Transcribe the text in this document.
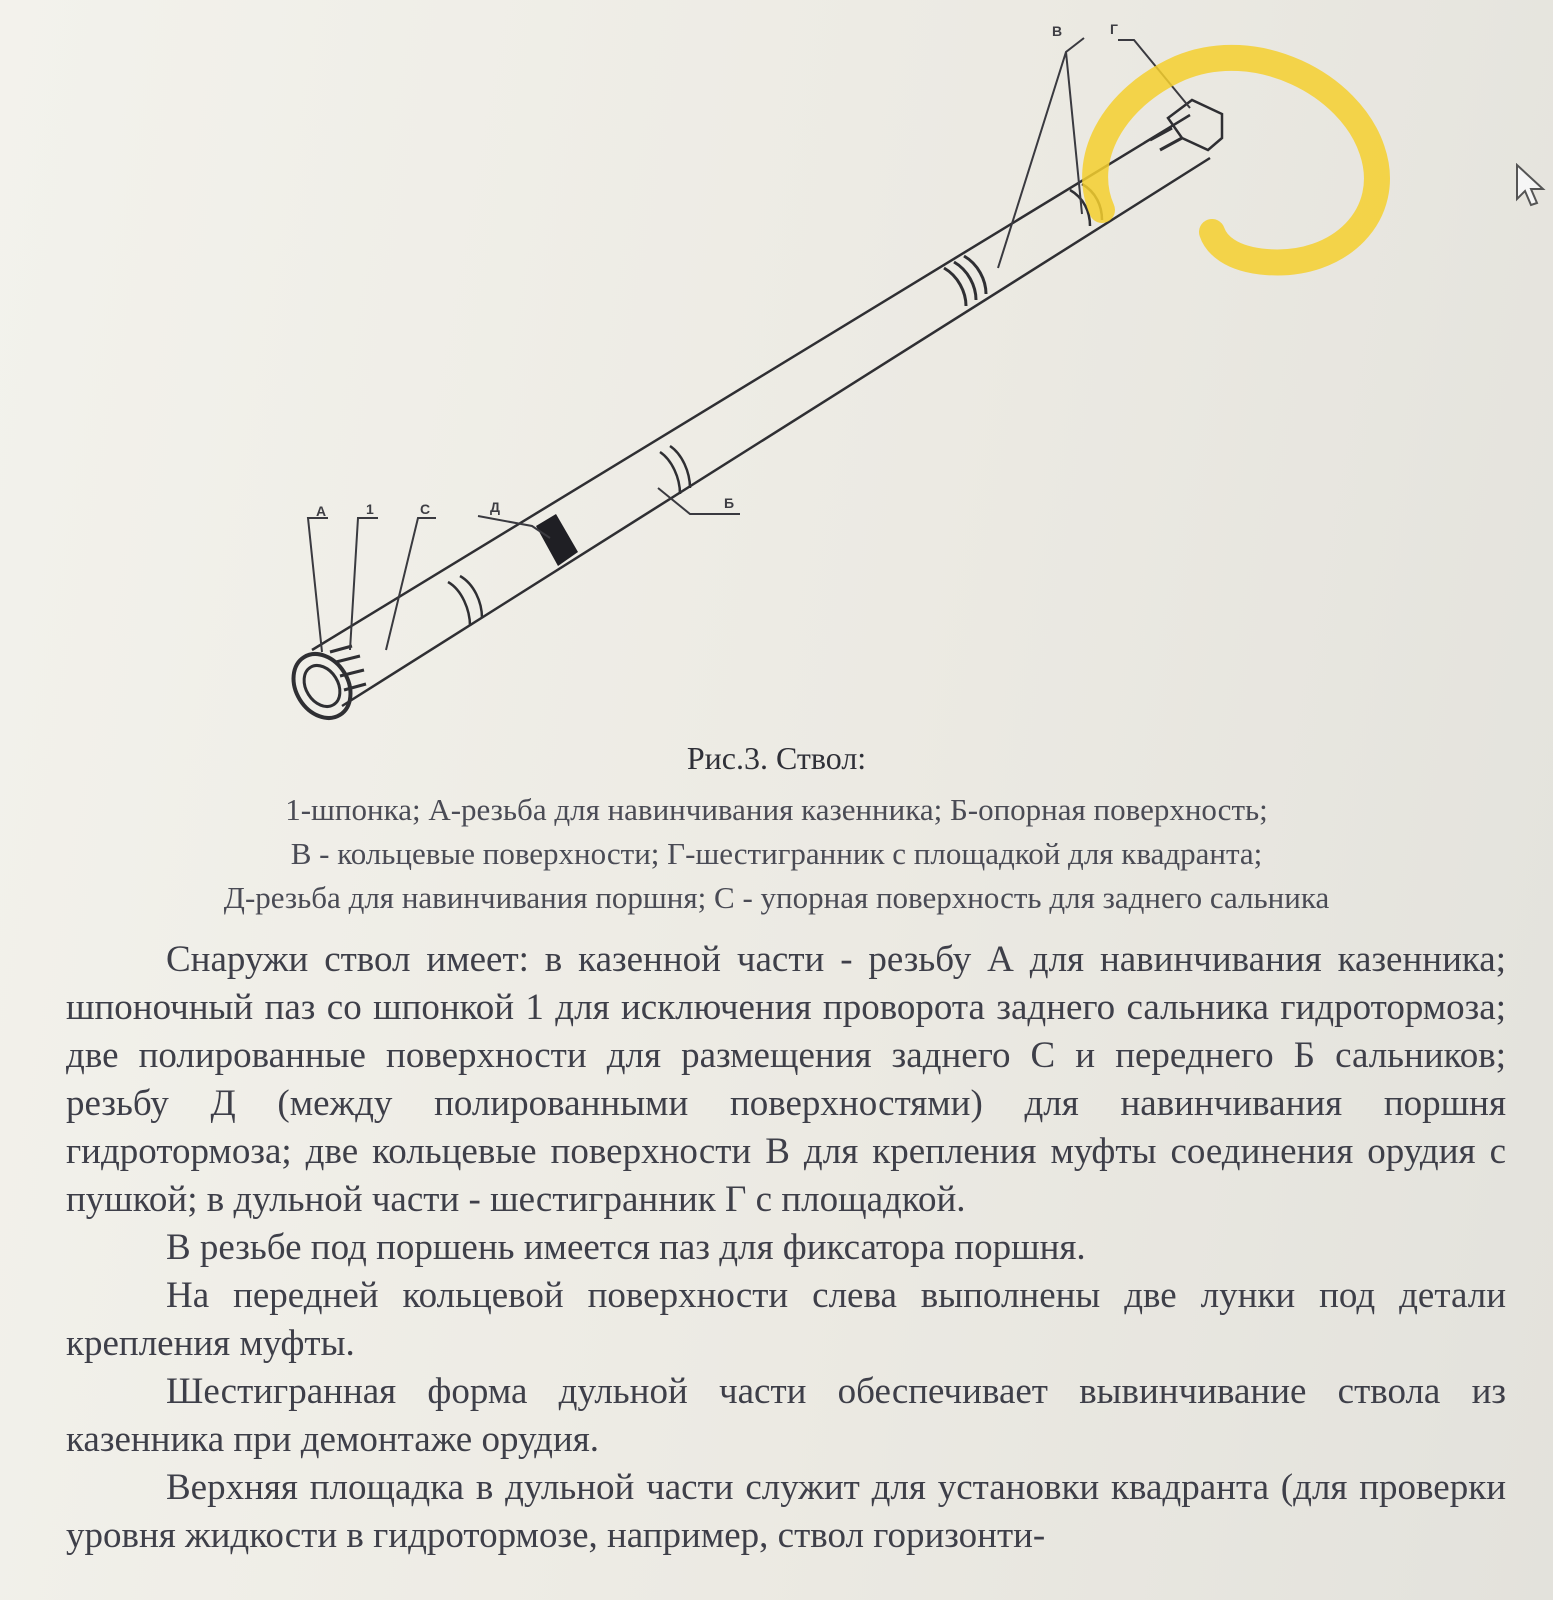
В	Г
А	1	С	Д	Б
Рис.3. Ствол:
1-шпонка; А-резьба для навинчивания казенника; Б-опорная поверхность;
В - кольцевые поверхности; Г-шестигранник с площадкой для квадранта;
Д-резьба для навинчивания поршня; С - упорная поверхность для заднего сальника

Снаружи ствол имеет: в казенной части - резьбу А для навинчивания казенника; шпоночный паз со шпонкой 1 для исключения проворота заднего сальника гидротормоза; две полированные поверхности для размещения заднего С и переднего Б сальников; резьбу Д (между полированными поверхностями) для навинчивания поршня гидротормоза; две кольцевые поверхности В для крепления муфты соединения орудия с пушкой; в дульной части - шестигранник Г с площадкой.

В резьбе под поршень имеется паз для фиксатора поршня.

На передней кольцевой поверхности слева выполнены две лунки под детали крепления муфты.

Шестигранная форма дульной части обеспечивает вывинчивание ствола из казенника при демонтаже орудия.

Верхняя площадка в дульной части служит для установки квадранта (для проверки уровня жидкости в гидротормозе, например, ствол горизонти-
